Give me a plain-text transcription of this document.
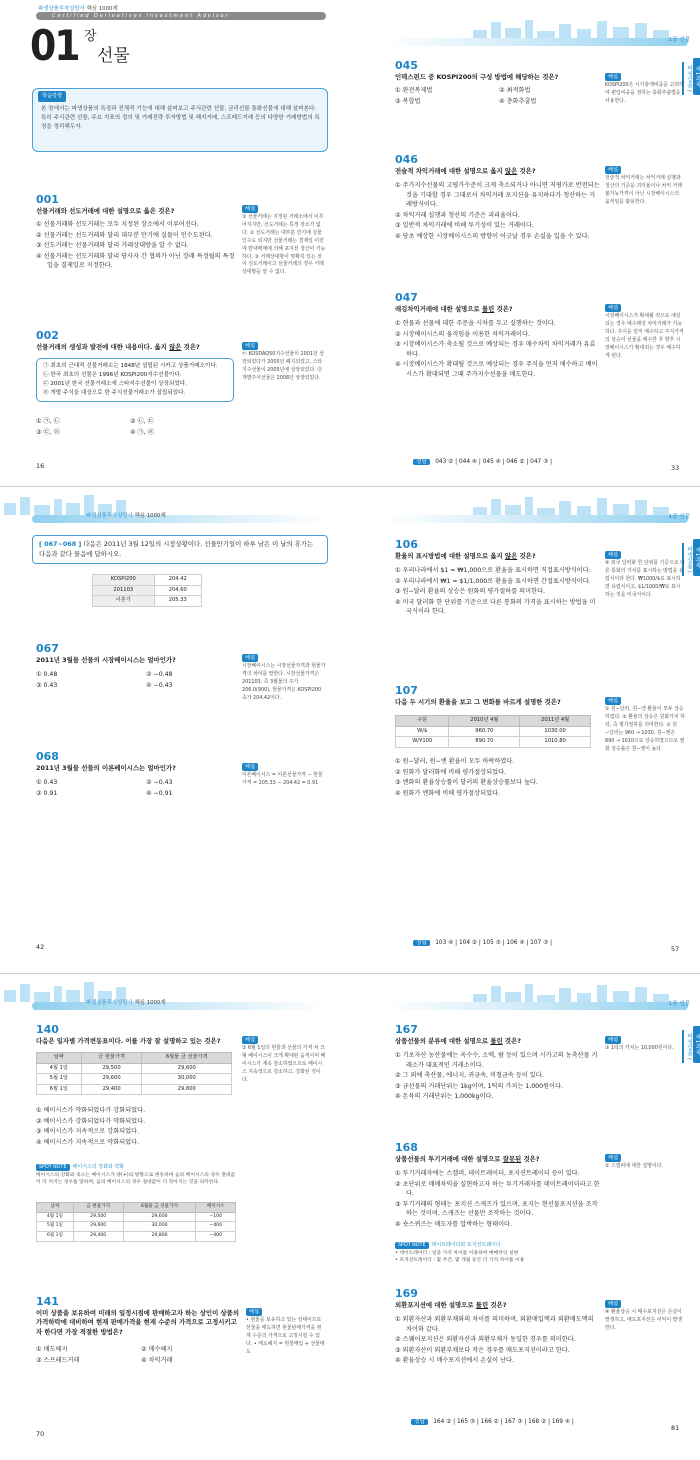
파생상품투자상담사 핵심 1000제
Certified Derivatives Investment Advisor
01 장
선물
학습방향
본 장에서는 파생상품의 특징과 전체적 기능에 대해 살펴보고 주식관련 선물, 금리선물 통화선물에 대해 살펴본다. 특히 주식관련 선물, 주요 지표의 정의 및 거래전략 투자방법 및 헤지거래, 스프레드거래 등의 다양한 거래방법의 특징을 정리해두자.
001
선물거래와 선도거래에 대한 설명으로 옳은 것은?
① 선물거래와 선도거래는 모두 지정된 장소에서 이루어진다.
② 선물거래는 선도거래와 달리 대부분 만기에 실물이 인수도된다.
③ 선도거래는 선물거래와 달리 거래상대방을 알 수 없다.
④ 선물거래는 선도거래와 달리 당사자 간 협의가 아닌 장래 특정월의 특정일을 결제일로 지정한다.
해설
① 선물거래는 지정된 거래소에서 이루어지지만, 선도거래는 특정 장소가 없다. ② 선도거래는 대부분 만기에 실물인수도 되지만 선물거래는 결제일 이전에 반대매매에 의해 포지션 청산이 가능하다. ③ 거래상대방이 명확히 있는 것이 선도거래이고 선물거래의 경우 거래상대방을 알 수 없다.
002
선물거래의 생성과 발전에 대한 내용이다. 옳지 않은 것은?
㉠ 최초의 근대적 선물거래소는 1848년 설립된 시카고 상품거래소이다.
㉡ 한국 최초의 선물은 1996년 KOSPI200지수선물이다.
㉢ 2001년 한국 선물거래소에 스타지수선물이 상장되었다.
㉣ 개별 주식을 대상으로 한 주식선물거래소가 설립되었다.
① ㉠, ㉡	② ㉡, ㉢
③ ㉢, ㉣	④ ㉠, ㉣
해설
㉢ KOSDAQ50지수선물이 2001년 상장되었다가 2005년 폐지되었고, 스타지수선물이 2005년에 상장되었다. ㉣ 개별주식선물은 2008년 상장되었다.
16
1장 선물
제1과목
파생상품 I
045
인덱스펀드 중 KOSPI200의 구성 방법에 해당하는 것은?
① 완전복제법	② 최적화법
③ 복합법	④ 층화추출법
해설
KOSPI200은 시가총액비중을 고려하여 편입비중을 정하는 층화추출법을 사용한다.
046
전술적 차익거래에 대한 설명으로 옳지 않은 것은?
① 주가지수선물의 고평가수준이 크게 축소되거나 아니면 저평가로 반전되는 것을 기대할 경우 그대로서 차익거래 포지션을 유지하다가 청산하는 거래방식이다.
② 차익거래 실행과 청산의 기준은 괴리율이다.
③ 일반적 차익거래에 비해 투기성이 있는 거래이다.
④ 당초 예상한 시장베이시스의 방향이 어긋날 경우 손실을 입을 수 있다.
해설
전술적 차익거래는 차익거래 실행과 청산의 기준을 괴리율이나 차익 거래 불가능가격이 아닌 시장베이시스의 움직임을 활용한다.
047
래깅차익거래에 대한 설명으로 틀린 것은?
① 현물과 선물에 대한 주문을 시차를 두고 실행하는 것이다.
② 시장베이시스의 움직임을 이용한 차익거래이다.
③ 시장베이시스가 축소될 것으로 예상되는 경우 매수차익 차익거래가 유효하다.
④ 시장베이시스가 확대될 것으로 예상되는 경우 주식을 먼저 매수하고 베이시스가 확대되면 그때 주가지수선물을 매도한다.
해설
시장베이시스가 확대될 것으로 예상되는 경우 매수래깅 차익거래가 가능하다. 주식을 먼저 매수하고 주식가격의 상승이 선물을 매수한 후 향후 시장베이시스가 확대되는 경우 매수하게 된다.
정답 043 ② | 044 ④ | 045 ④ | 046 ② | 047 ③ |
33
파생상품투자상담사 핵심 1000제
[ 067~068 ] 다음은 2011년 3월 12일의 시장상황이다. 선물만기일이 하루 남은 이 날의 휴가는 다음과 같다 물음에 답하시오.
KOSPI200	204.42
201103	204.60
이론가	205.33
067
2011년 3월물 선물의 시장베이시스는 얼마인가?
① 0.48	② −0.48
③ 0.43	④ −0.43
해설
시장베이시스는 시장선물가격과 현물가격의 차이를 말한다. 시장선물가격은 201103, 즉 3월물의 주가 206.0(900), 현물가격은 KOSPI200 즉가 204.42이다.
068
2011년 3월물 선물의 이론베이시스는 얼마인가?
① 0.43	② −0.43
③ 0.91	④ −0.91
해설
이론베이시스 = 이론선물가격 − 현물가격 = 205.33 − 204.42 = 0.91
42
1장 선물
제1과목
파생상품 I
106
환율의 표시방법에 대한 설명으로 옳지 않은 것은?
① 우리나라에서 $1 = ₩1,000으로 환율을 표시하면 직접표시방식이다.
② 우리나라에서 ₩1 = $1/1,000로 환율을 표시하면 간접표시방식이다.
③ 원−달러 환율의 상승은 원화의 평가절하를 의미한다.
④ 미국 달러화 한 단위를 기준으로 다른 통화의 가격을 표시하는 방법을 미국식이라 한다.
해설
④ 외국 달러화 한 단위를 기준으로 다른 통화의 가치를 표시하는 방법을 유럽식이라 한다. ₩1000/$로 표시하면 유럽식이고, $1/1000/₩로 표시하는 것을 미국식이다.
107
다음 두 시기의 환율을 보고 그 변화를 바르게 설명한 것은?
구분	2010년 4월	2011년 4월
W/$	960.70	1030.00
W/¥100	890.70	1010.80
① 원−달러, 원−엔 환율이 모두 하락하였다.
② 원화가 달러화에 비해 평가절상되었다.
③ 엔화의 환율상승률이 달러의 환율상승률보다 높다.
④ 원화가 엔화에 비해 평가절상되었다.
해설
① 원−달러, 원−엔 환율이 모두 상승하였다. ② 환율의 상승은 원화가치 하락, 즉 평가절하를 의미한다. ③ 원−달러는 960 → 1030, 원−엔은 890 → 1010으로 상승하였으므로 엔화 상승률은 원−엔이 높다.
정답 103 ④ | 104 ② | 105 ③ | 106 ④ | 107 ③ |
57
파생상품투자상담사 핵심 1000제
140
다음은 일자별 가격변동표이다. 이를 가장 잘 설명하고 있는 것은?
날짜	금 현물가격	6월물 금 선물가격
4월 1일	29,500	29,600
5월 1일	29,600	30,000
6월 1일	29,400	29,800
① 베이시스가 약화되었다가 강화되었다.
② 베이시스가 강화되었다가 약화되었다.
③ 베이시스가 지속적으로 강화되었다.
④ 베이시스가 지속적으로 약화되었다.
해설
① 6월 1일의 현물과 선물의 가격 차 크형 베이시스이 크게 확대된 움직이며 베이시스가 계속 감소하였으므로 베이시스 지속적으로 감소하고, 강화된 것이다.
SPOT NOTE 베이시스의 강화와 약화
베이시스의 강화와 축소는 베이시스가 양(+)의 방향으로 변동하며 음의 베이시스의 경우 절대값이 더 커지는 경우를 말하며, 음의 베이시스의 경우 절대값이 더 작아지는 것을 의미한다.
날짜	금 현물가격	6월물 금 선물가격	베이시스
4월 1일	29,500	29,600	−100
5월 1일	29,600	30,000	−400
6월 1일	29,400	29,800	−400
141
이미 상품을 보유하여 미래의 일정시점에 판매하고자 하는 상인이 상품의 가격하락에 대비하여 현재 판매가격을 현재 수준의 가격으로 고정시키고자 한다면 가장 적절한 방법은?
① 매도헤지	② 매수헤지
③ 스프레드거래	④ 차익거래
해설
• 현물을 보유하고 있는 상태이므로 선물을 매도하면 현물판매가격을 현재 수준의 가격으로 고정시킬 수 있다. • 매도헤지 = 현물매입 + 선물매도
70
1장 선물
제1과목
파생상품 I
167
상품선물의 분류에 대한 설명으로 틀린 것은?
① 기초자산 농산물에는 옥수수, 소맥, 팜 등이 있으며 시카고의 농축산물 거래소가 대표적인 거래소이다.
② 그 외에 축산물, 에너지, 귀금속, 비철금속 등이 있다.
③ 금선물의 거래단위는 1kg이며, 1틱의 가치는 1,000원이다.
④ 돈육의 거래단위는 1,000kg이다.
해설
③ 1틱의 가치는 10,000원이다.
168
상품선물의 투기거래에 대한 설명으로 잘못된 것은?
① 투기거래자에는 스캘퍼, 데이트레이더, 포지션트레이더 등이 있다.
② 초단위로 매매차익을 실현하고자 하는 투기거래자를 데이트레이더라고 한다.
③ 투기거래의 형태는 포지션 스캐즈가 있으며, 포지는 현선물포지션을 조작하는 것이며, 스캐즈는 선물만 조작하는 것이다.
④ 숏스퀴즈는 매도자를 압박하는 형태이다.
해설
② 스캘퍼에 대한 설명이다.
SPOT NOTE 데이트레이더와 포지션트레이더
• 데이트레이더 : 일중 가격 차이를 이용하여 매매차익 실현
• 포지션트레이더 : 몇 주간, 몇 개월 동안 더 가격 차이를 이용
169
외환포지션에 대한 설명으로 틀린 것은?
① 외환자산과 외환부채와의 차이를 의미하며, 외환매입액과 외환매도액의 차이와 같다.
② 스퀘어포지션은 외환자산과 외환부채가 동일한 경우를 의미한다.
③ 외환자산이 외환부채보다 작은 경우를 매도포지션이라고 한다.
④ 환율상승 시 매수포지션에서 손실이 난다.
해설
④ 환율상승 시 매수포지션은 손실이 발생하고, 매도포지션은 이익이 발생한다.
정답 164 ② | 165 ③ | 166 ② | 167 ③ | 168 ② | 169 ④ |
81
